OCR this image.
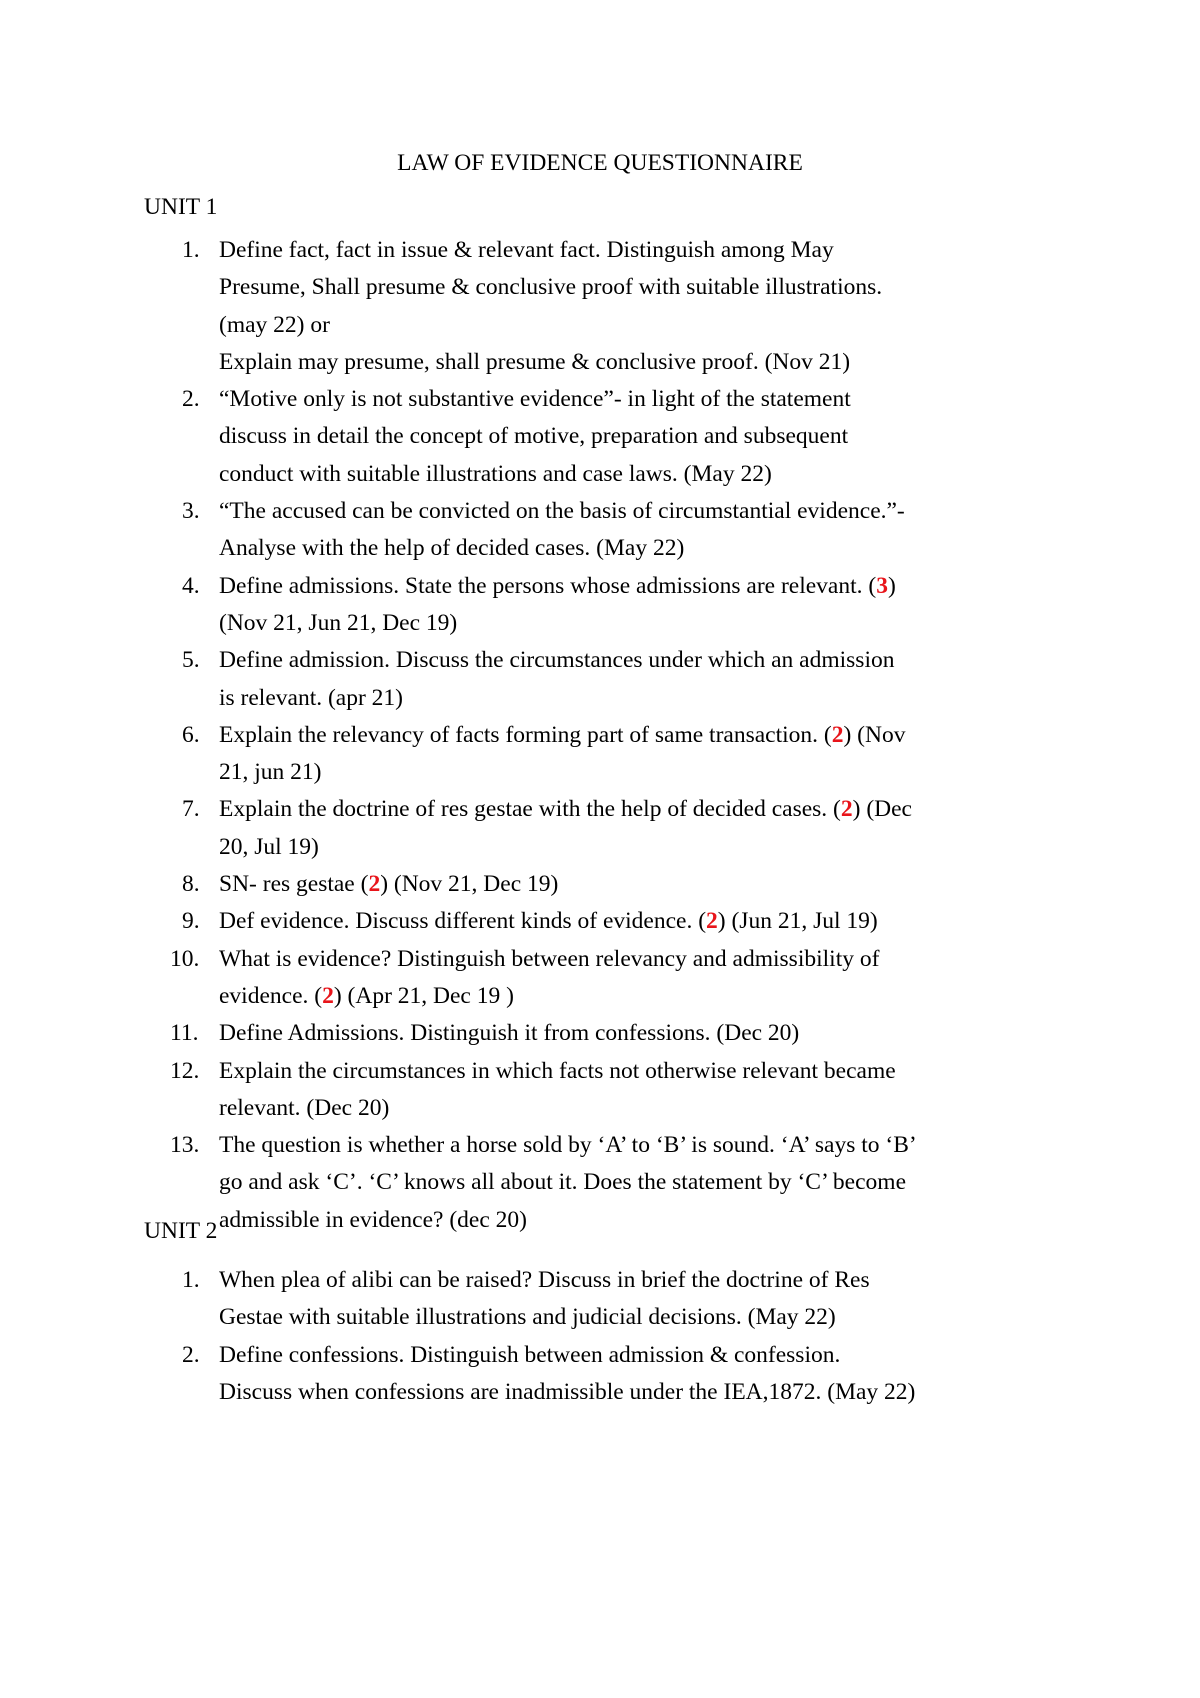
LAW OF EVIDENCE QUESTIONNAIRE
UNIT 1
1. Define fact, fact in issue & relevant fact. Distinguish among May
Presume, Shall presume & conclusive proof with suitable illustrations.
(may 22) or
Explain may presume, shall presume & conclusive proof. (Nov 21)
2. “Motive only is not substantive evidence”- in light of the statement
discuss in detail the concept of motive, preparation and subsequent
conduct with suitable illustrations and case laws. (May 22)
3. “The accused can be convicted on the basis of circumstantial evidence.”-
Analyse with the help of decided cases. (May 22)
4. Define admissions. State the persons whose admissions are relevant. (3)
(Nov 21, Jun 21, Dec 19)
5. Define admission. Discuss the circumstances under which an admission
is relevant. (apr 21)
6. Explain the relevancy of facts forming part of same transaction. (2) (Nov
21, jun 21)
7. Explain the doctrine of res gestae with the help of decided cases. (2) (Dec
20, Jul 19)
8. SN- res gestae (2) (Nov 21, Dec 19)
9. Def evidence. Discuss different kinds of evidence. (2) (Jun 21, Jul 19)
10. What is evidence? Distinguish between relevancy and admissibility of
evidence. (2) (Apr 21, Dec 19 )
11. Define Admissions. Distinguish it from confessions. (Dec 20)
12. Explain the circumstances in which facts not otherwise relevant became
relevant. (Dec 20)
13. The question is whether a horse sold by ‘A’ to ‘B’ is sound. ‘A’ says to ‘B’
go and ask ‘C’. ‘C’ knows all about it. Does the statement by ‘C’ become
admissible in evidence? (dec 20)
UNIT 2
1. When plea of alibi can be raised? Discuss in brief the doctrine of Res
Gestae with suitable illustrations and judicial decisions. (May 22)
2. Define confessions. Distinguish between admission & confession.
Discuss when confessions are inadmissible under the IEA,1872. (May 22)
